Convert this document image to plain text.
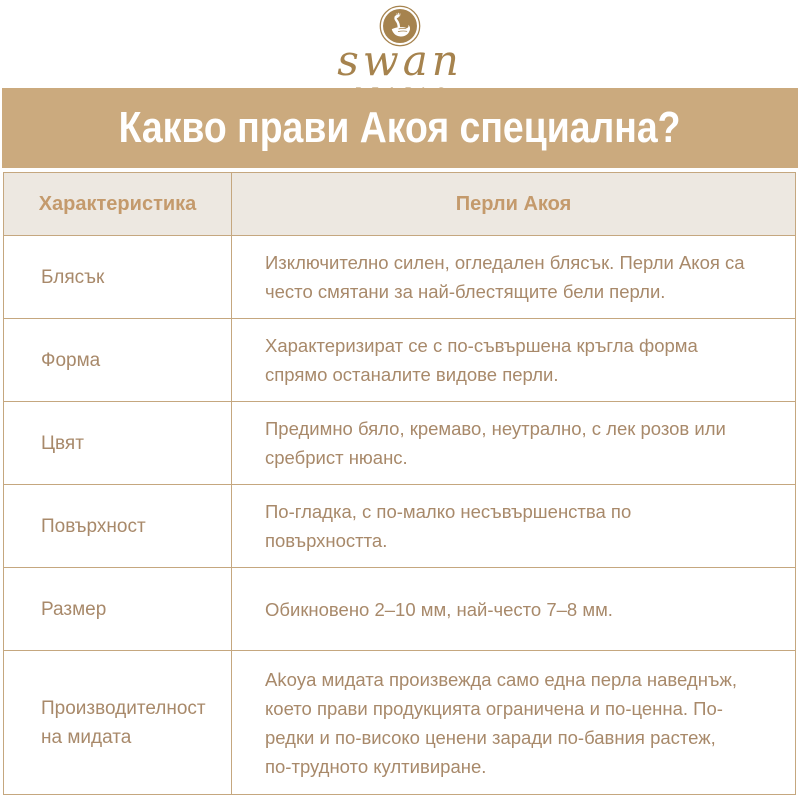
swan
Какво прави Акоя специална?
Характеристика	Перли Акоя
Блясък
Изключително силен, огледален блясък. Перли Акоя са често смятани за най-блестящите бели перли.
Форма
Характеризират се с по-съвършена кръгла форма спрямо останалите видове перли.
Цвят
Предимно бяло, кремаво, неутрално, с лек розов или сребрист нюанс.
Повърхност
По-гладка, с по-малко несъвършенства по повърхността.
Размер	Обикновено 2–10 мм, най-често 7–8 мм.
Производителност на мидата
Akoya мидата произвежда само една перла наведнъж, което прави продукцията ограничена и по-ценна. По-редки и по-високо ценени заради по-бавния растеж, по-трудното култивиране.
